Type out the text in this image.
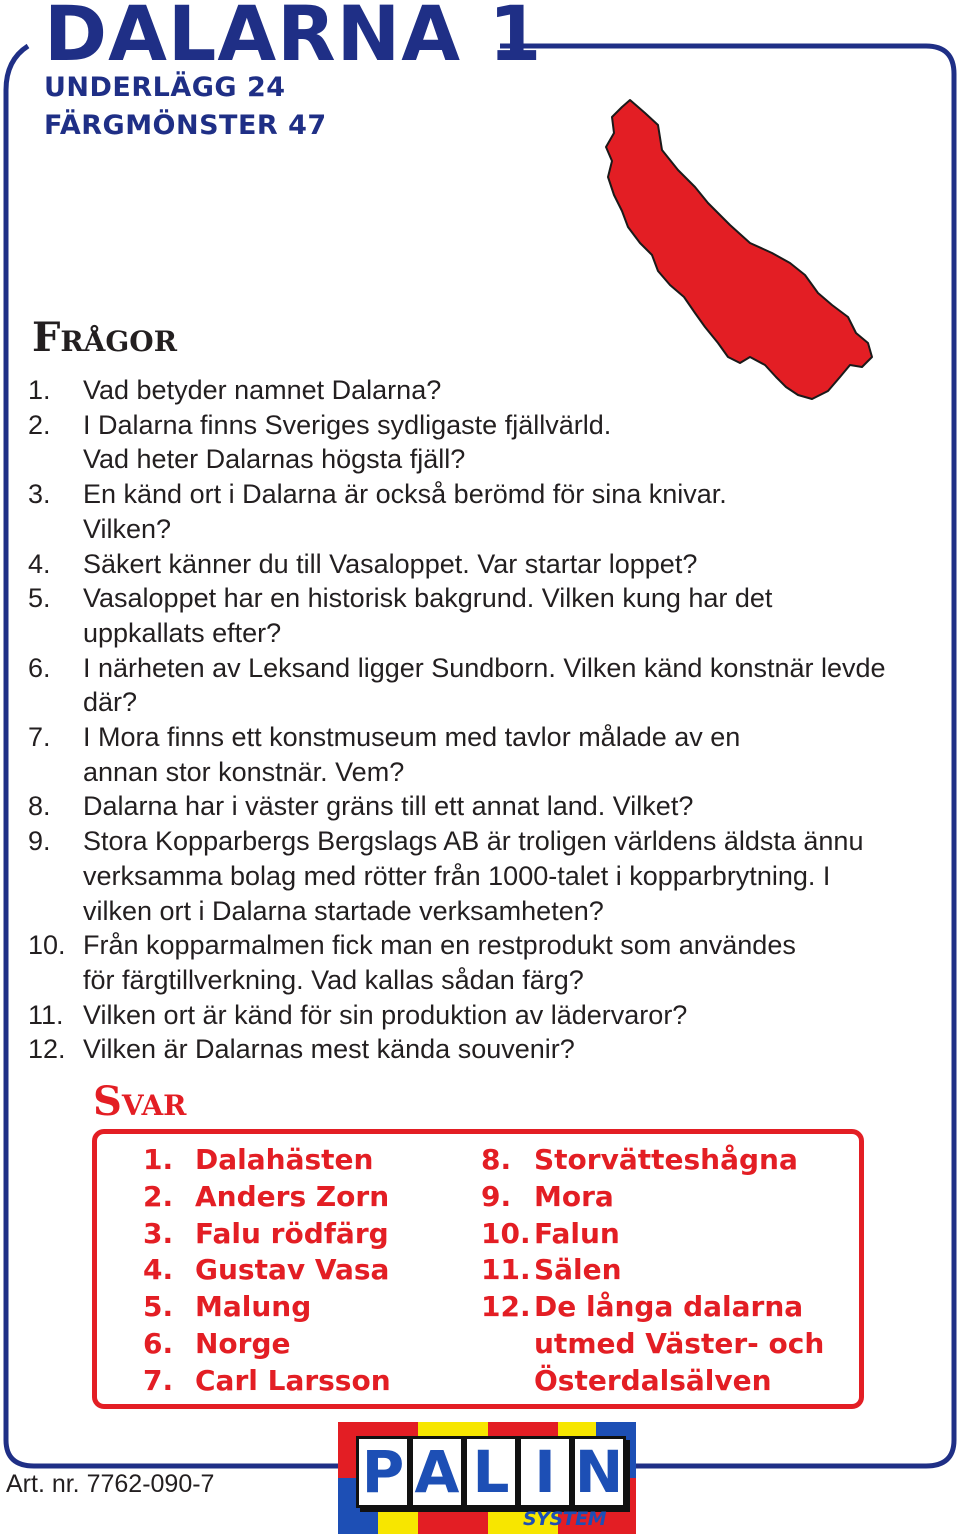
DALARNA 1
UNDERLÄGG 24
FÄRGMÖNSTER 47
Frågor
1.	Vad betyder namnet Dalarna?
2.	I Dalarna finns Sveriges sydligaste fjällvärld.
Vad heter Dalarnas högsta fjäll?
3.	En känd ort i Dalarna är också berömd för sina knivar.
Vilken?
4.	Säkert känner du till Vasaloppet. Var startar loppet?
5.	Vasaloppet har en historisk bakgrund. Vilken kung har det
uppkallats efter?
6.	I närheten av Leksand ligger Sundborn. Vilken känd konstnär levde
där?
7.	I Mora finns ett konstmuseum med tavlor målade av en
annan stor konstnär. Vem?
8.	Dalarna har i väster gräns till ett annat land. Vilket?
9.	Stora Kopparbergs Bergslags AB är troligen världens äldsta ännu
verksamma bolag med rötter från 1000-talet i kopparbrytning. I
vilken ort i Dalarna startade verksamheten?
10. Från kopparmalmen fick man en restprodukt som användes
för färgtillverkning. Vad kallas sådan färg?
11. Vilken ort är känd för sin produktion av lädervaror?
12. Vilken är Dalarnas mest kända souvenir?
Svar
1. Dalahästen
2. Anders Zorn
3. Falu rödfärg
4. Gustav Vasa
5. Malung
6. Norge
7. Carl Larsson
8. Storvätteshågna
9. Mora
10. Falun
11. Sälen
12. De långa dalarna
utmed Väster- och
Österdalsälven
Art. nr. 7762-090-7	P A L I N
SYSTEM
